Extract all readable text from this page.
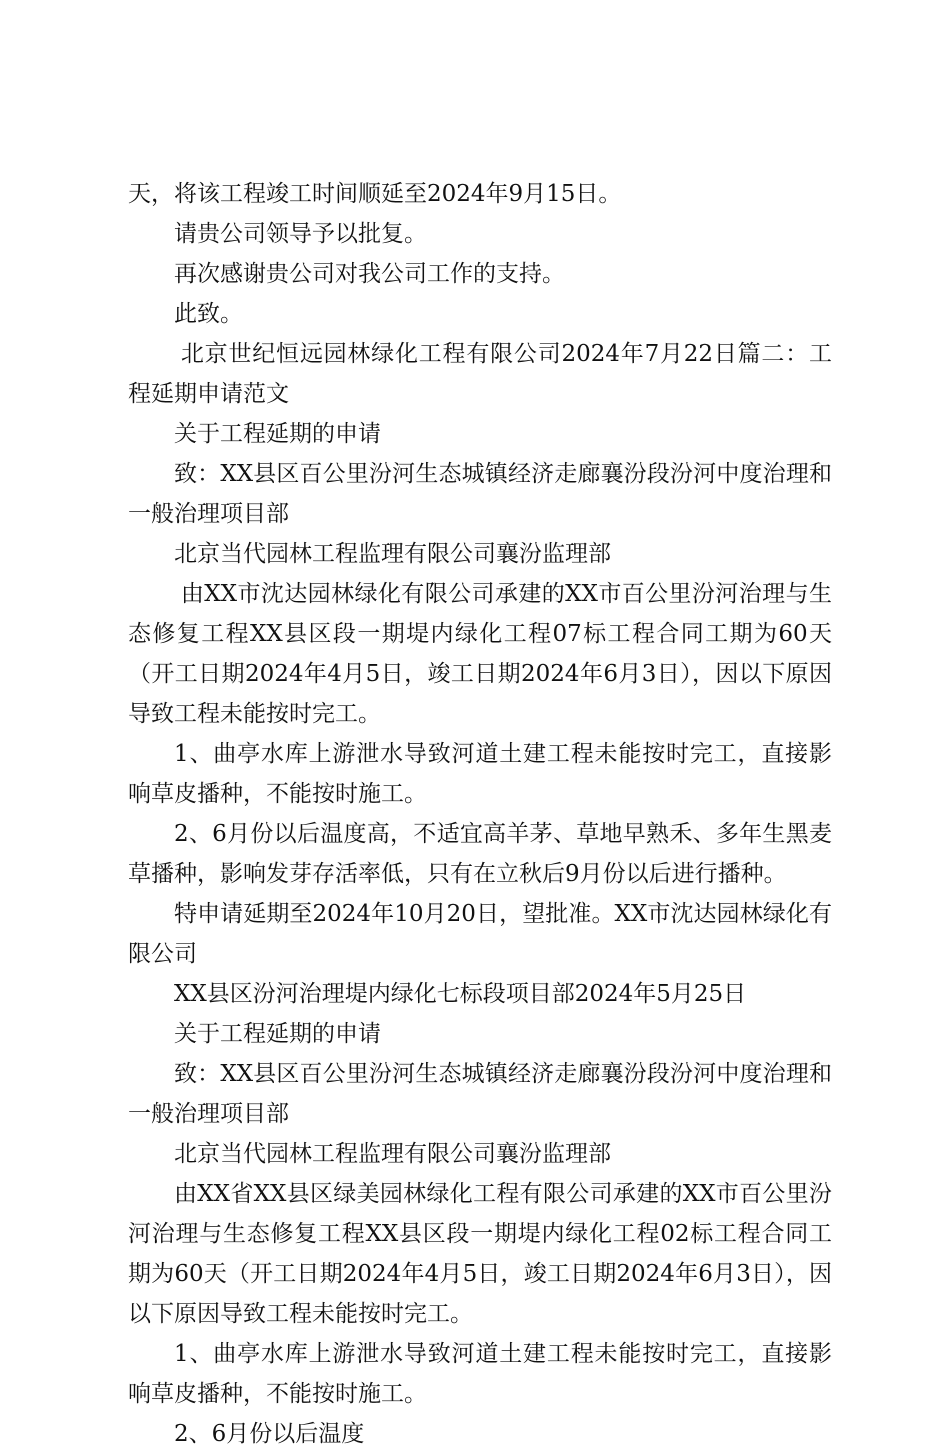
天，将该工程竣工时间顺延至2024年9月15日。

请贵公司领导予以批复。

再次感谢贵公司对我公司工作的支持。

此致。

北京世纪恒远园林绿化工程有限公司2024年7月22日篇二：工程延期申请范文

关于工程延期的申请

致：XX县区百公里汾河生态城镇经济走廊襄汾段汾河中度治理和一般治理项目部

北京当代园林工程监理有限公司襄汾监理部

由XX市沈达园林绿化有限公司承建的XX市百公里汾河治理与生态修复工程XX县区段一期堤内绿化工程07标工程合同工期为60天（开工日期2024年4月5日，竣工日期2024年6月3日），因以下原因导致工程未能按时完工。

1、曲亭水库上游泄水导致河道土建工程未能按时完工，直接影响草皮播种，不能按时施工。

2、6月份以后温度高，不适宜高羊茅、草地早熟禾、多年生黑麦草播种，影响发芽存活率低，只有在立秋后9月份以后进行播种。

特申请延期至2024年10月20日，望批准。XX市沈达园林绿化有限公司

XX县区汾河治理堤内绿化七标段项目部2024年5月25日

关于工程延期的申请

致：XX县区百公里汾河生态城镇经济走廊襄汾段汾河中度治理和一般治理项目部

北京当代园林工程监理有限公司襄汾监理部

由XX省XX县区绿美园林绿化工程有限公司承建的XX市百公里汾河治理与生态修复工程XX县区段一期堤内绿化工程02标工程合同工期为60天（开工日期2024年4月5日，竣工日期2024年6月3日），因以下原因导致工程未能按时完工。

1、曲亭水库上游泄水导致河道土建工程未能按时完工，直接影响草皮播种，不能按时施工。

2、6月份以后温度
